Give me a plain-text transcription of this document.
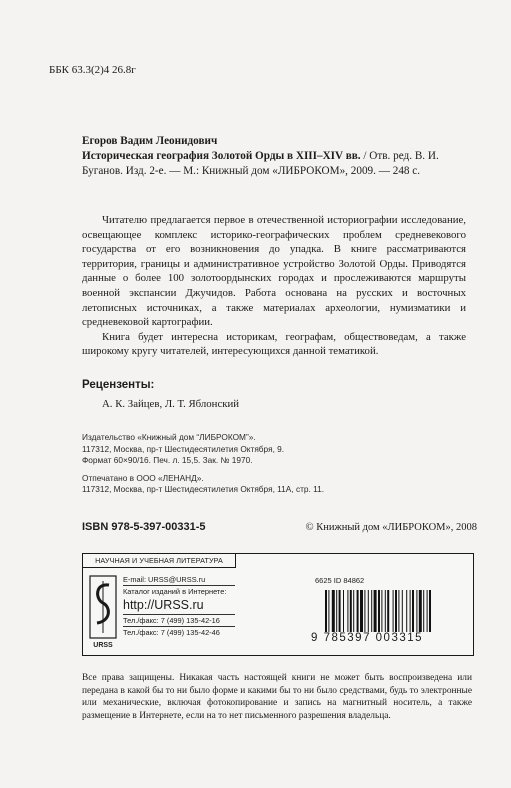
ББК 63.3(2)4 26.8г
Егоров Вадим Леонидович
Историческая география Золотой Орды в XIII–XIV вв. / Отв. ред. В. И. Буганов. Изд. 2-е. — М.: Книжный дом «ЛИБРОКОМ», 2009. — 248 с.

Читателю предлагается первое в отечественной историографии исследование, освещающее комплекс историко-географических проблем средневекового государства от его возникновения до упадка. В книге рассматриваются территория, границы и административное устройство Золотой Орды. Приводятся данные о более 100 золотоордынских городах и прослеживаются маршруты военной экспансии Джучидов. Работа основана на русских и восточных летописных источниках, а также материалах археологии, нумизматики и средневековой картографии.

Книга будет интересна историкам, географам, обществоведам, а также широкому кругу читателей, интересующихся данной тематикой.

Рецензенты:
А. К. Зайцев, Л. Т. Яблонский
Издательство «Книжный дом “ЛИБРОКОМ”».
117312, Москва, пр-т Шестидесятилетия Октября, 9.
Формат 60×90/16. Печ. л. 15,5. Зак. № 1970.
Отпечатано в ООО «ЛЕНАНД».
117312, Москва, пр-т Шестидесятилетия Октября, 11А, стр. 11.
ISBN 978-5-397-00331-5	© Книжный дом «ЛИБРОКОМ», 2008
НАУЧНАЯ И УЧЕБНАЯ ЛИТЕРАТУРА
URSS
E-mail: URSS@URSS.ru
Каталог изданий в Интернете:
http://URSS.ru
Тел./факс: 7 (499) 135-42-16
Тел./факс: 7 (499) 135-42-46
6625 ID 84862
9 785397 003315
Все права защищены. Никакая часть настоящей книги не может быть воспроизведена или передана в какой бы то ни было форме и какими бы то ни было средствами, будь то электронные или механические, включая фотокопирование и запись на магнитный носитель, а также размещение в Интернете, если на то нет письменного разрешения владельца.
